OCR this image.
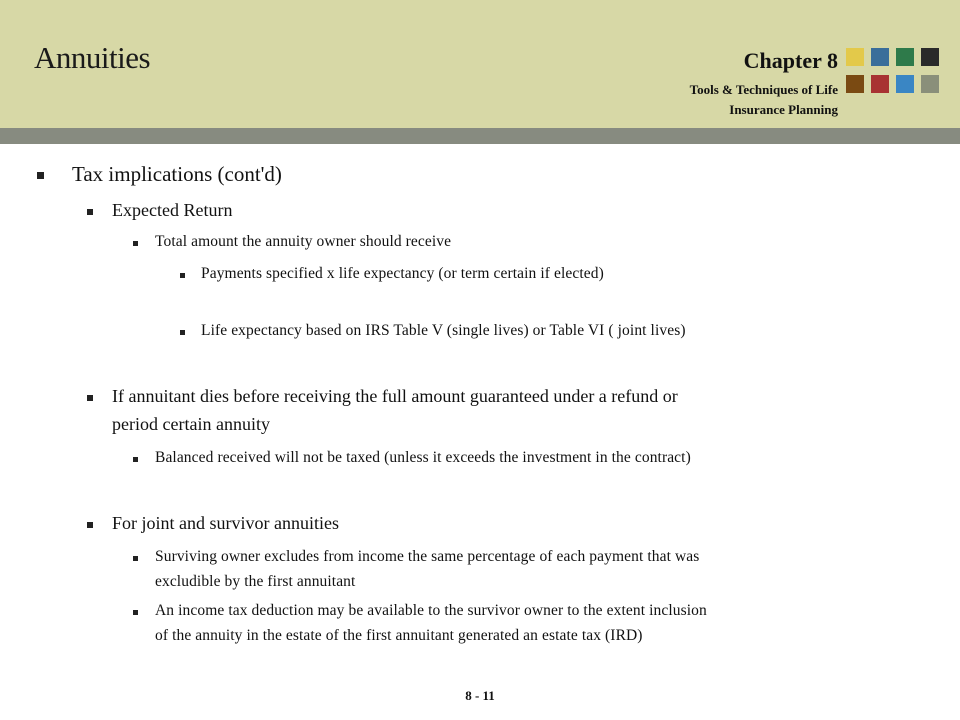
Annuities	Chapter 8
Tools & Techniques of Life
Insurance Planning
Tax implications (cont'd)
Expected Return
Total amount the annuity owner should receive
Payments specified x life expectancy (or term certain if elected)
Life expectancy based on IRS Table V (single lives) or Table VI ( joint lives)
If annuitant dies before receiving the full amount guaranteed under a refund or
period certain annuity
Balanced received will not be taxed (unless it exceeds the investment in the contract)
For joint and survivor annuities
Surviving owner excludes from income the same percentage of each payment that was
excludible by the first annuitant
An income tax deduction may be available to the survivor owner to the extent inclusion
of the annuity in the estate of the first annuitant generated an estate tax (IRD)
8 - 11
